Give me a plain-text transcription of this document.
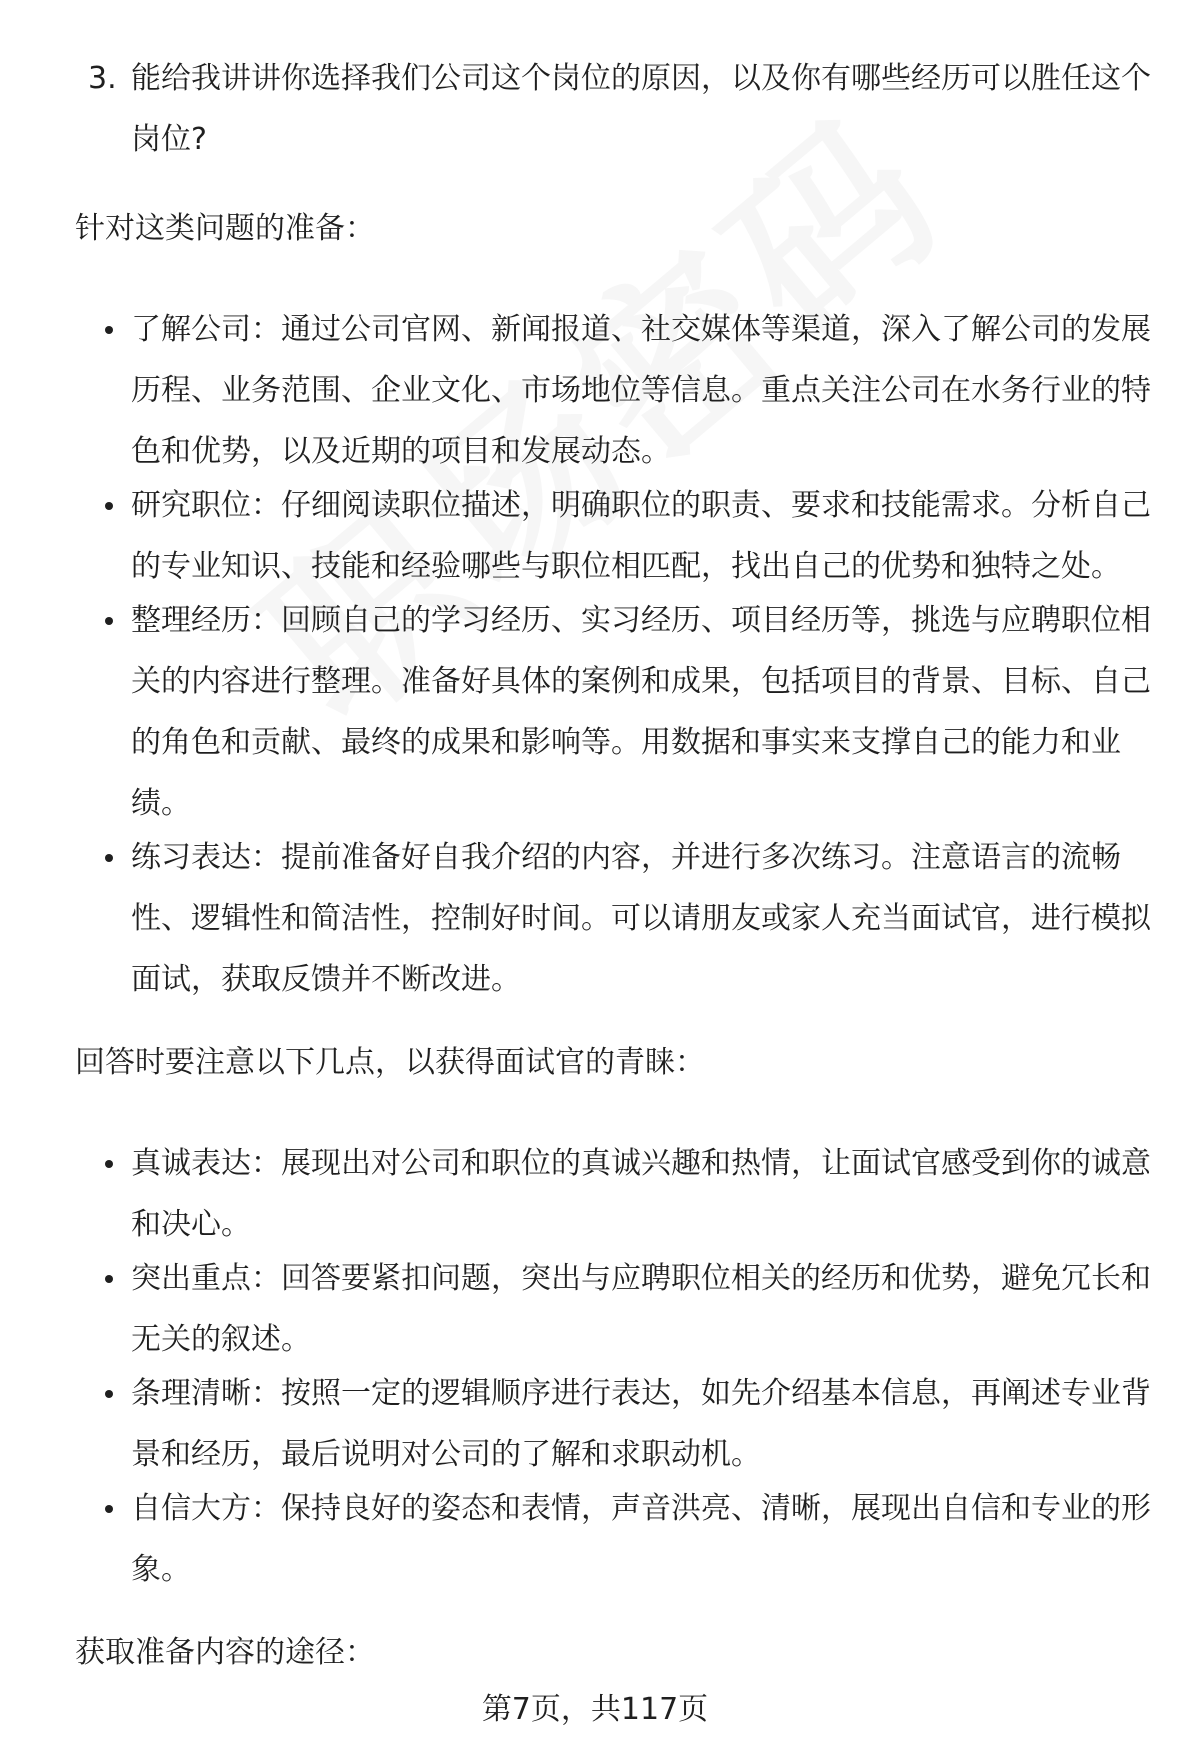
3. 能给我讲讲你选择我们公司这个岗位的原因，以及你有哪些经历可以胜任这个岗位?

针对这类问题的准备：

了解公司：通过公司官网、新闻报道、社交媒体等渠道，深入了解公司的发展历程、业务范围、企业文化、市场地位等信息。重点关注公司在水务行业的特色和优势，以及近期的项目和发展动态。
研究职位：仔细阅读职位描述，明确职位的职责、要求和技能需求。分析自己的专业知识、技能和经验哪些与职位相匹配，找出自己的优势和独特之处。
整理经历：回顾自己的学习经历、实习经历、项目经历等，挑选与应聘职位相关的内容进行整理。准备好具体的案例和成果，包括项目的背景、目标、自己的角色和贡献、最终的成果和影响等。用数据和事实来支撑自己的能力和业绩。
练习表达：提前准备好自我介绍的内容，并进行多次练习。注意语言的流畅性、逻辑性和简洁性，控制好时间。可以请朋友或家人充当面试官，进行模拟面试，获取反馈并不断改进。

回答时要注意以下几点，以获得面试官的青睐：

真诚表达：展现出对公司和职位的真诚兴趣和热情，让面试官感受到你的诚意和决心。
突出重点：回答要紧扣问题，突出与应聘职位相关的经历和优势，避免冗长和无关的叙述。
条理清晰：按照一定的逻辑顺序进行表达，如先介绍基本信息，再阐述专业背景和经历，最后说明对公司的了解和求职动机。
自信大方：保持良好的姿态和表情，声音洪亮、清晰，展现出自信和专业的形象。

获取准备内容的途径：

第7页，共117页
